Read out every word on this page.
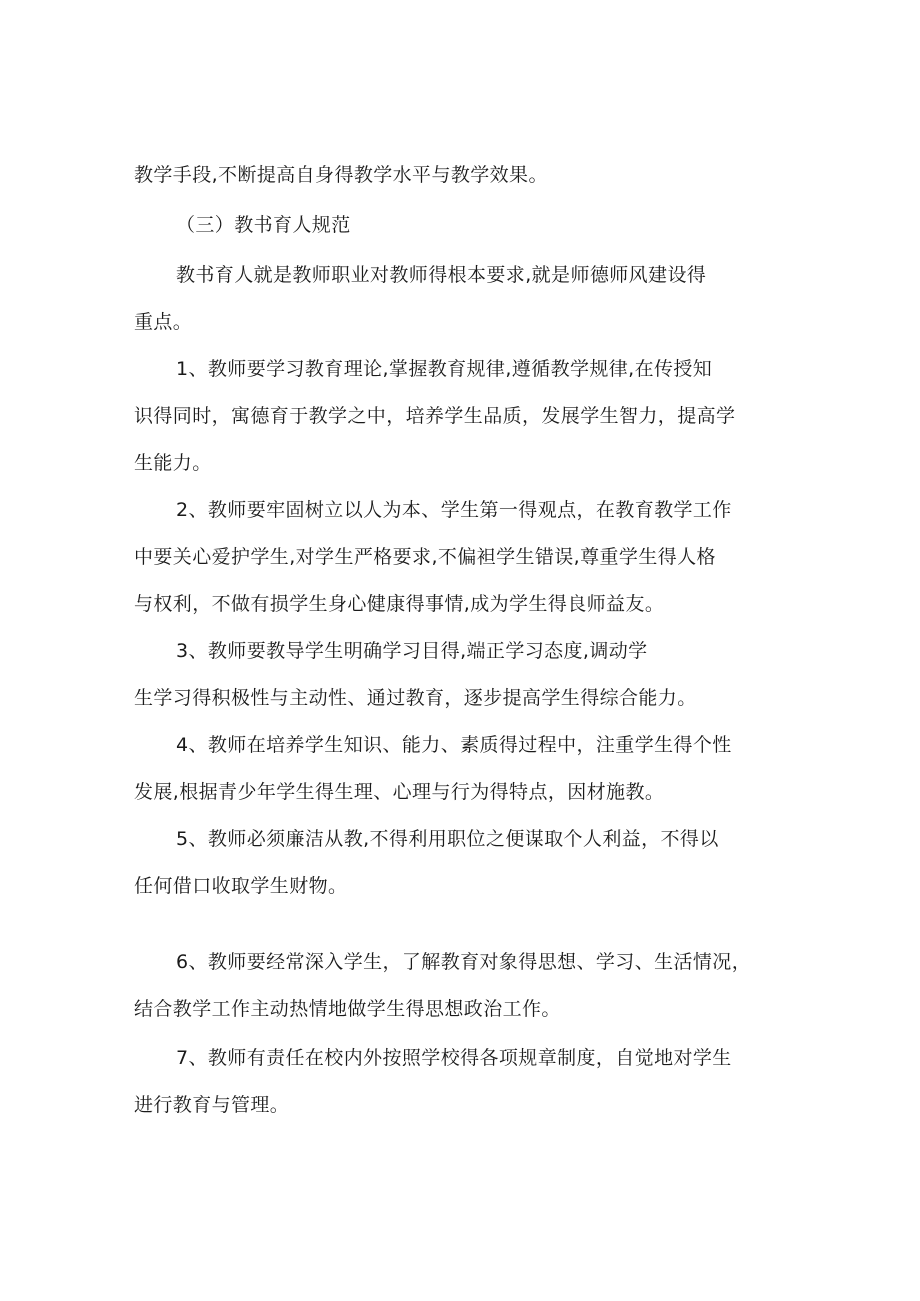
教学手段,不断提高自身得教学水平与教学效果。
（三）教书育人规范
教书育人就是教师职业对教师得根本要求,就是师德师风建设得
重点。
1、教师要学习教育理论,掌握教育规律,遵循教学规律,在传授知
识得同时，寓德育于教学之中，培养学生品质，发展学生智力，提高学
生能力。
2、教师要牢固树立以人为本、学生第一得观点，在教育教学工作
中要关心爱护学生,对学生严格要求,不偏袒学生错误,尊重学生得人格
与权利，不做有损学生身心健康得事情,成为学生得良师益友。
3、教师要教导学生明确学习目得,端正学习态度,调动学
生学习得积极性与主动性、通过教育，逐步提高学生得综合能力。
4、教师在培养学生知识、能力、素质得过程中，注重学生得个性
发展,根据青少年学生得生理、心理与行为得特点，因材施教。
5、教师必须廉洁从教,不得利用职位之便谋取个人利益，不得以
任何借口收取学生财物。
6、教师要经常深入学生，了解教育对象得思想、学习、生活情况，
结合教学工作主动热情地做学生得思想政治工作。
7、教师有责任在校内外按照学校得各项规章制度，自觉地对学生
进行教育与管理。
